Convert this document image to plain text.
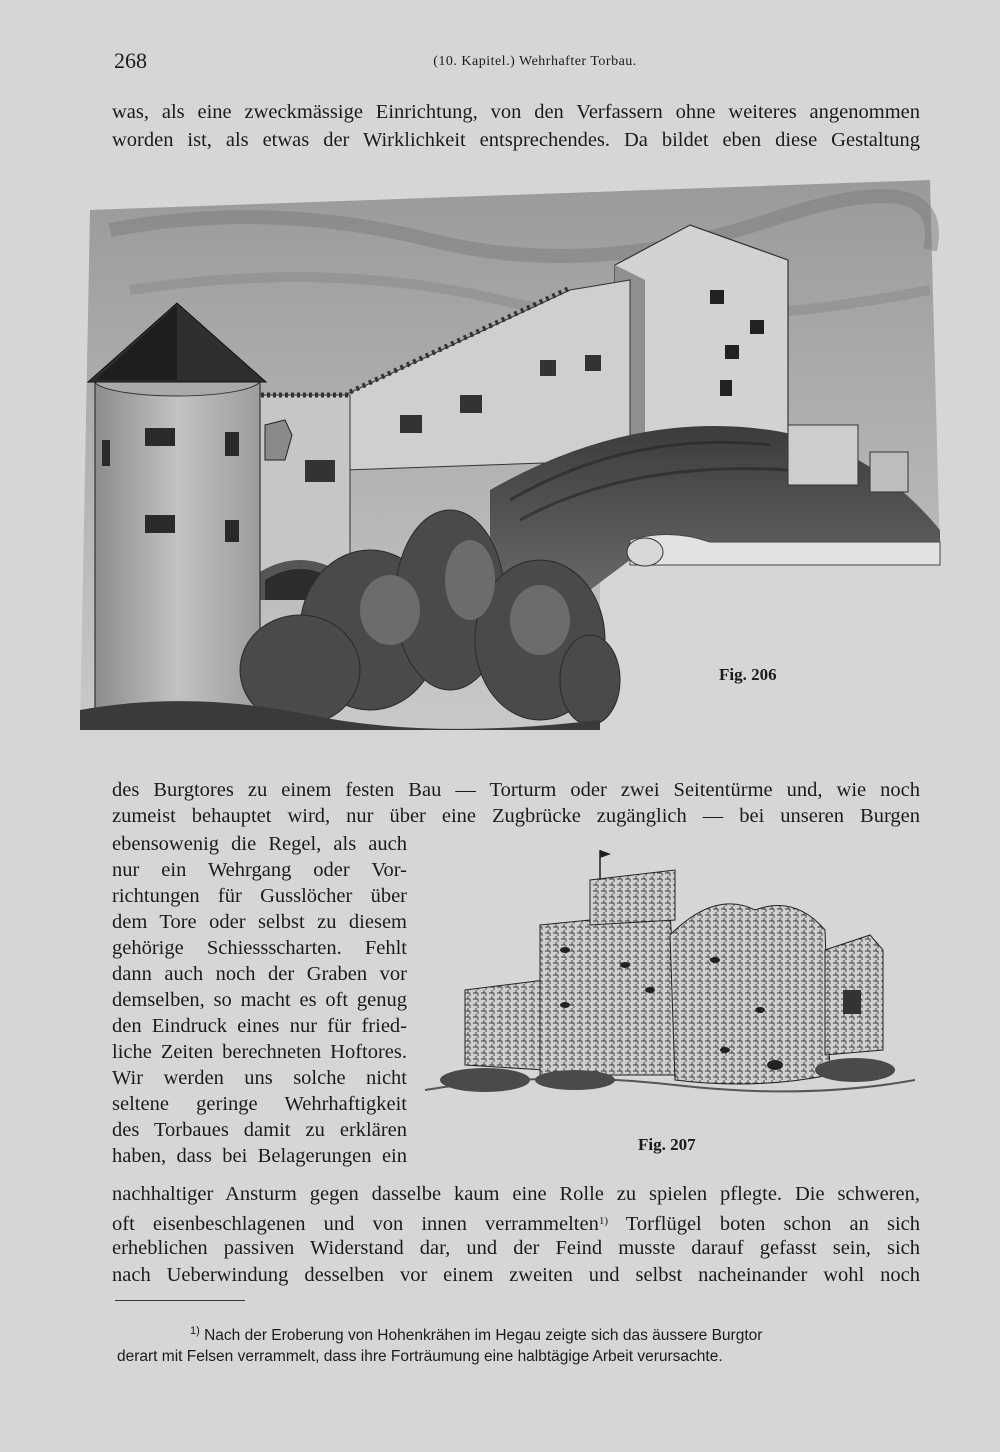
268	(10. Kapitel.) Wehrhafter Torbau.
was, als eine zweckmässige Einrichtung, von den Verfassern ohne weiteres angenommen
worden ist, als etwas der Wirklichkeit entsprechendes. Da bildet eben diese Gestaltung
Fig. 206
des Burgtores zu einem festen Bau — Torturm oder zwei Seitentürme und, wie noch
zumeist behauptet wird, nur über eine Zugbrücke zugänglich — bei unseren Burgen
ebensowenig die Regel, als auch
nur ein Wehrgang oder Vor-
richtungen für Gusslöcher über
dem Tore oder selbst zu diesem
gehörige Schiessscharten. Fehlt
dann auch noch der Graben vor
demselben, so macht es oft genug
den Eindruck eines nur für fried-
liche Zeiten berechneten Hoftores.
Wir werden uns solche nicht
seltene geringe Wehrhaftigkeit
des Torbaues damit zu erklären
haben, dass bei Belagerungen ein
Fig. 207
nachhaltiger Ansturm gegen dasselbe kaum eine Rolle zu spielen pflegte. Die schweren,
oft eisenbeschlagenen und von innen verrammelten$^{1)}$ Torflügel boten schon an sich
erheblichen passiven Widerstand dar, und der Feind musste darauf gefasst sein, sich
nach Ueberwindung desselben vor einem zweiten und selbst nacheinander wohl noch
$^{1)}$ Nach der Eroberung von Hohenkrähen im Hegau zeigte sich das äussere Burgtor
derart mit Felsen verrammelt, dass ihre Forträumung eine halbtägige Arbeit verursachte.
